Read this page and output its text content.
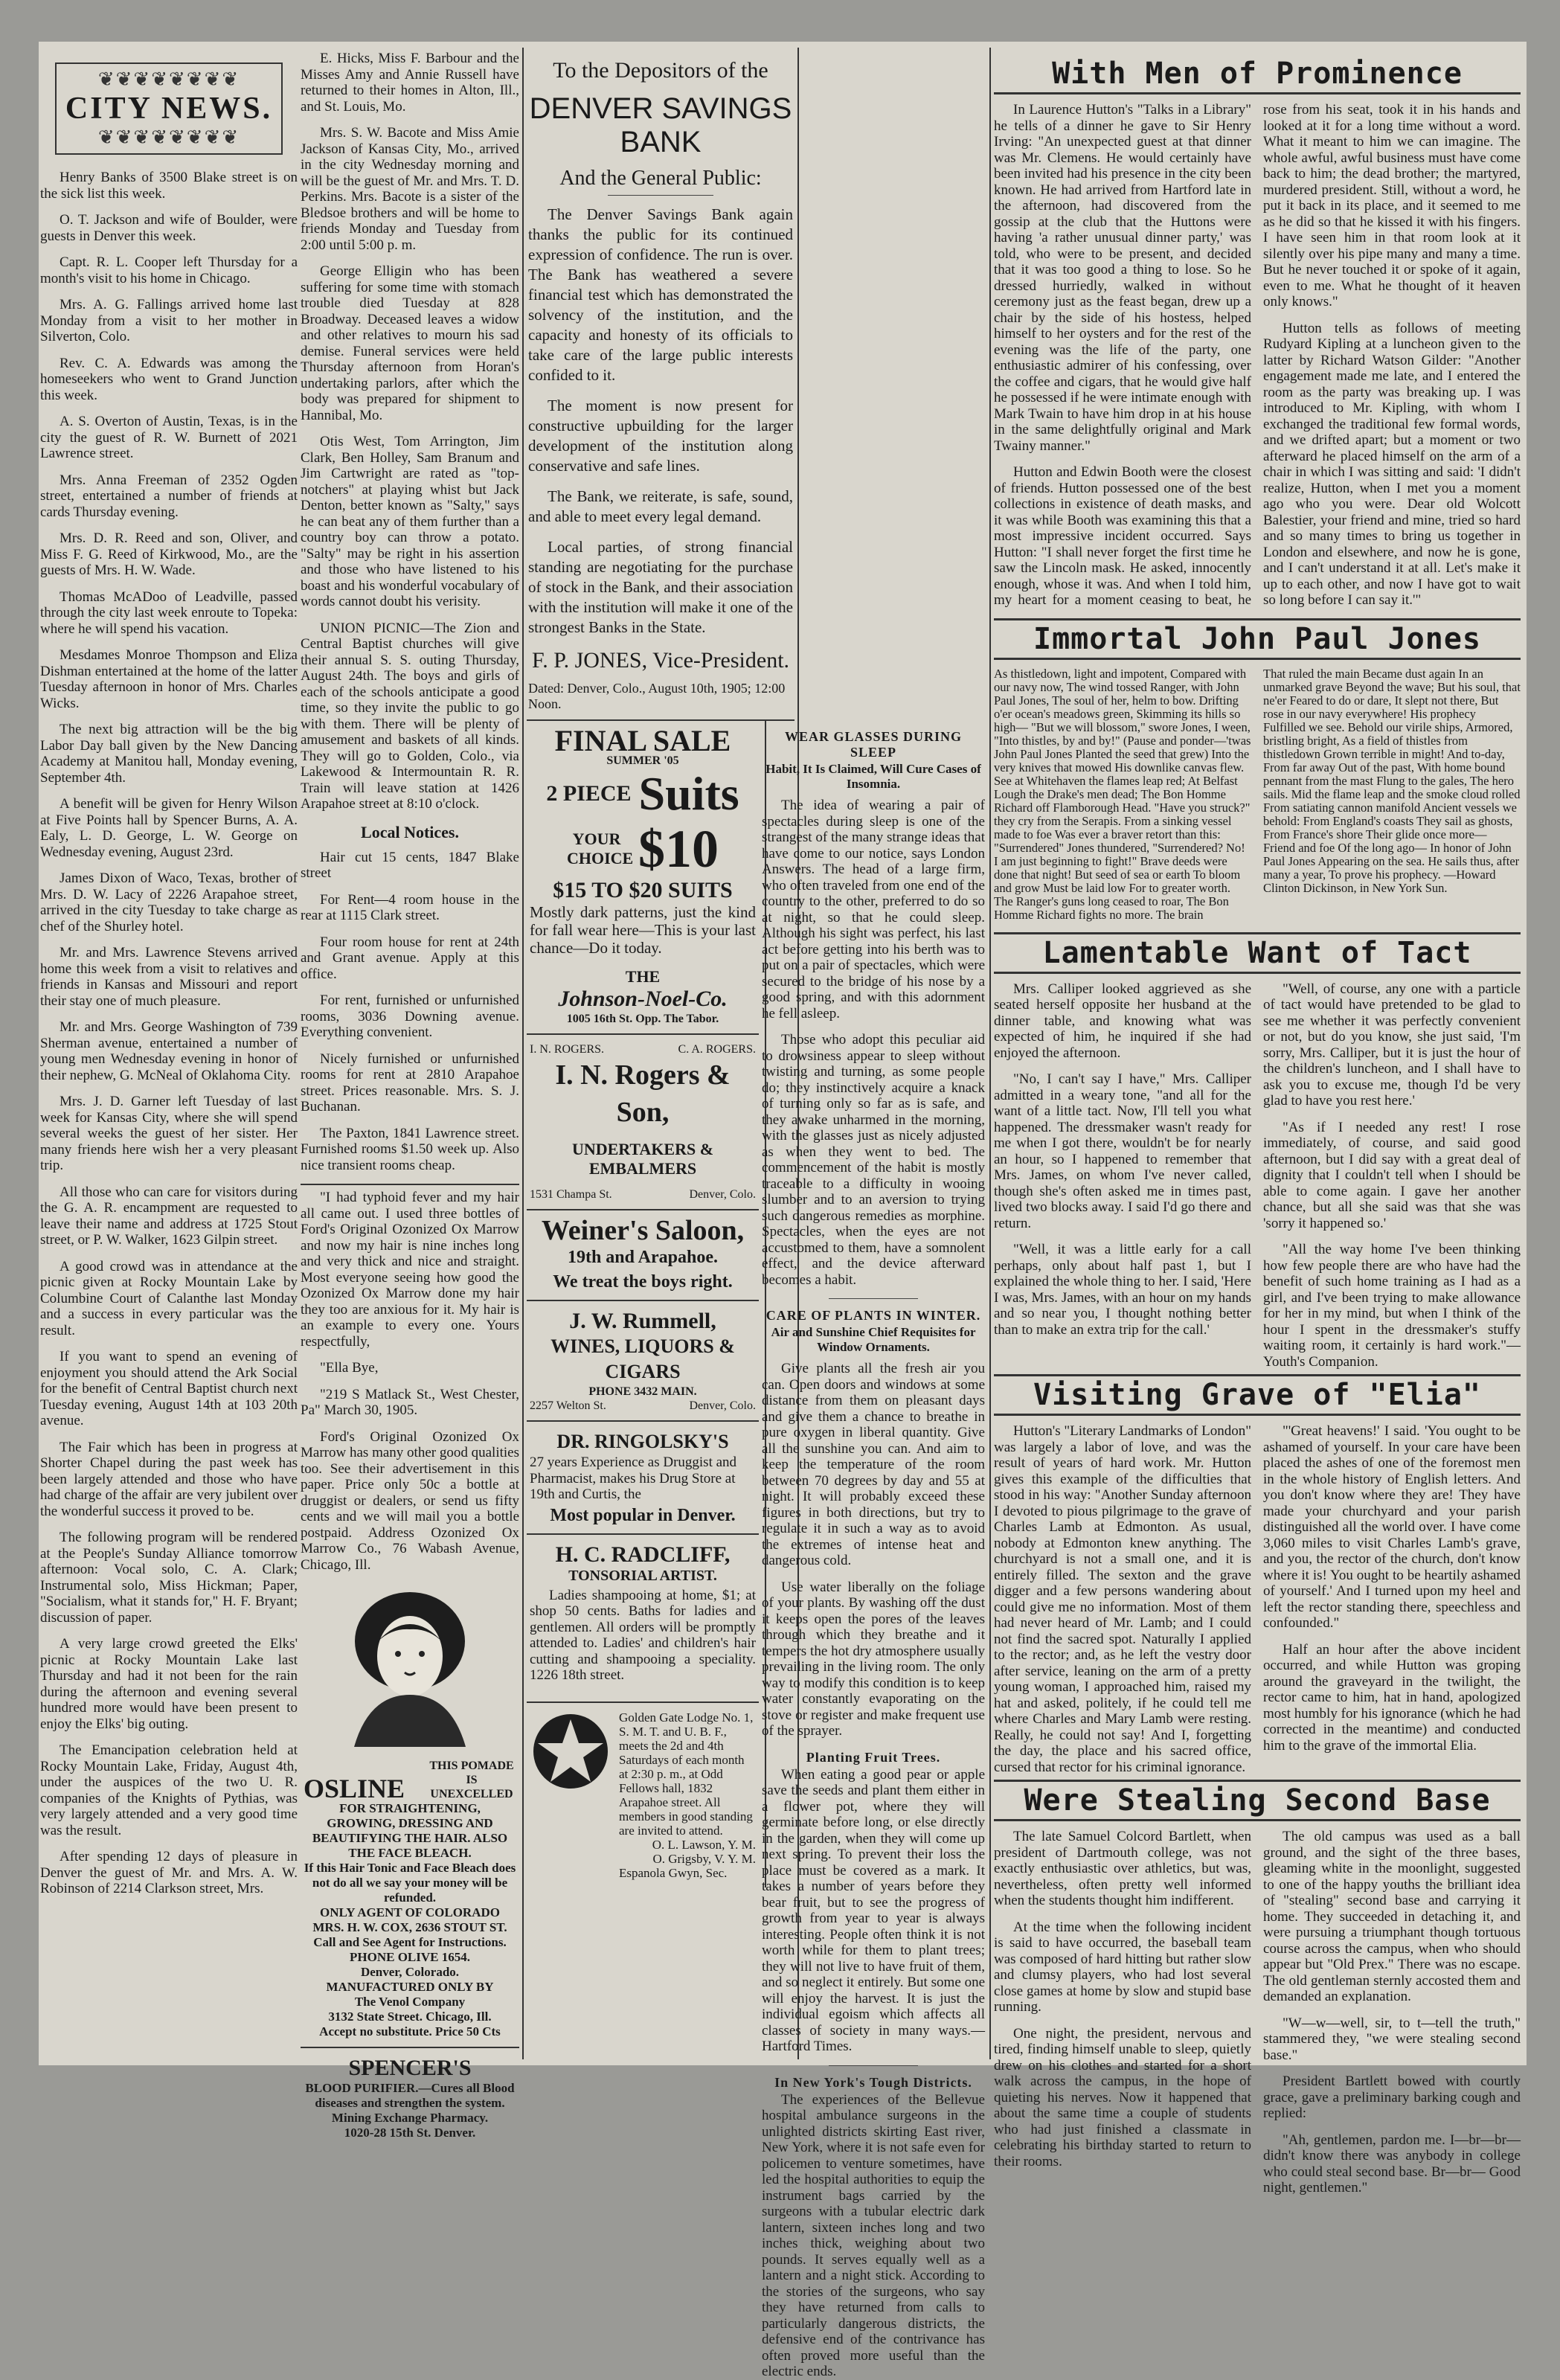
❦❦❦❦❦❦❦❦
CITY NEWS.
❦❦❦❦❦❦❦❦

Henry Banks of 3500 Blake street is on the sick list this week.

O. T. Jackson and wife of Boulder, were guests in Denver this week.

Capt. R. L. Cooper left Thursday for a month's visit to his home in Chicago.

Mrs. A. G. Fallings arrived home last Monday from a visit to her mother in Silverton, Colo.

Rev. C. A. Edwards was among the homeseekers who went to Grand Junction this week.

A. S. Overton of Austin, Texas, is in the city the guest of R. W. Burnett of 2021 Lawrence street.

Mrs. Anna Freeman of 2352 Ogden street, entertained a number of friends at cards Thursday evening.

Mrs. D. R. Reed and son, Oliver, and Miss F. G. Reed of Kirkwood, Mo., are the guests of Mrs. H. W. Wade.

Thomas McADoo of Leadville, passed through the city last week enroute to Topeka: where he will spend his vacation.

Mesdames Monroe Thompson and Eliza Dishman entertained at the home of the latter Tuesday afternoon in honor of Mrs. Charles Wicks.

The next big attraction will be the big Labor Day ball given by the New Dancing Academy at Manitou hall, Monday evening, September 4th.

A benefit will be given for Henry Wilson at Five Points hall by Spencer Burns, A. A. Ealy, L. D. George, L. W. George on Wednesday evening, August 23rd.

James Dixon of Waco, Texas, brother of Mrs. D. W. Lacy of 2226 Arapahoe street, arrived in the city Tuesday to take charge as chef of the Shurley hotel.

Mr. and Mrs. Lawrence Stevens arrived home this week from a visit to relatives and friends in Kansas and Missouri and report their stay one of much pleasure.

Mr. and Mrs. George Washington of 739 Sherman avenue, entertained a number of young men Wednesday evening in honor of their nephew, G. McNeal of Oklahoma City.

Mrs. J. D. Garner left Tuesday of last week for Kansas City, where she will spend several weeks the guest of her sister. Her many friends here wish her a very pleasant trip.

All those who can care for visitors during the G. A. R. encampment are requested to leave their name and address at 1725 Stout street, or P. W. Walker, 1623 Gilpin street.

A good crowd was in attendance at the picnic given at Rocky Mountain Lake by Columbine Court of Calanthe last Monday and a success in every particular was the result.

If you want to spend an evening of enjoyment you should attend the Ark Social for the benefit of Central Baptist church next Tuesday evening, August 14th at 103 20th avenue.

The Fair which has been in progress at Shorter Chapel during the past week has been largely attended and those who have had charge of the affair are very jubilent over the wonderful success it proved to be.

The following program will be rendered at the People's Sunday Alliance tomorrow afternoon: Vocal solo, C. A. Clark; Instrumental solo, Miss Hickman; Paper, "Socialism, what it stands for," H. F. Bryant; discussion of paper.

A very large crowd greeted the Elks' picnic at Rocky Mountain Lake last Thursday and had it not been for the rain during the afternoon and evening several hundred more would have been present to enjoy the Elks' big outing.

The Emancipation celebration held at Rocky Mountain Lake, Friday, August 4th, under the auspices of the two U. R. companies of the Knights of Pythias, was very largely attended and a very good time was the result.

After spending 12 days of pleasure in Denver the guest of Mr. and Mrs. A. W. Robinson of 2214 Clarkson street, Mrs.

E. Hicks, Miss F. Barbour and the Misses Amy and Annie Russell have returned to their homes in Alton, Ill., and St. Louis, Mo.

Mrs. S. W. Bacote and Miss Amie Jackson of Kansas City, Mo., arrived in the city Wednesday morning and will be the guest of Mr. and Mrs. T. D. Perkins. Mrs. Bacote is a sister of the Bledsoe brothers and will be home to friends Monday and Tuesday from 2:00 until 5:00 p. m.

George Elligin who has been suffering for some time with stomach trouble died Tuesday at 828 Broadway. Deceased leaves a widow and other relatives to mourn his sad demise. Funeral services were held Thursday afternoon from Horan's undertaking parlors, after which the body was prepared for shipment to Hannibal, Mo.

Otis West, Tom Arrington, Jim Clark, Ben Holley, Sam Branum and Jim Cartwright are rated as "top-notchers" at playing whist but Jack Denton, better known as "Salty," says he can beat any of them further than a country boy can throw a potato. "Salty" may be right in his assertion and those who have listened to his boast and his wonderful vocabulary of words cannot doubt his verisity.

UNION PICNIC—The Zion and Central Baptist churches will give their annual S. S. outing Thursday, August 24th. The boys and girls of each of the schools anticipate a good time, so they invite the public to go with them. There will be plenty of amusement and baskets of all kinds. They will go to Golden, Colo., via Lakewood & Intermountain R. R. Train will leave station at 1426 Arapahoe street at 8:10 o'clock.

Local Notices.

Hair cut 15 cents, 1847 Blake street

For Rent—4 room house in the rear at 1115 Clark street.

Four room house for rent at 24th and Grant avenue. Apply at this office.

For rent, furnished or unfurnished rooms, 3036 Downing avenue. Everything convenient.

Nicely furnished or unfurnished rooms for rent at 2810 Arapahoe street. Prices reasonable. Mrs. S. J. Buchanan.

The Paxton, 1841 Lawrence street. Furnished rooms $1.50 week up. Also nice transient rooms cheap.

"I had typhoid fever and my hair all came out. I used three bottles of Ford's Original Ozonized Ox Marrow and now my hair is nine inches long and very thick and nice and straight. Most everyone seeing how good the Ozonized Ox Marrow done my hair they too are anxious for it. My hair is an example to every one. Yours respectfully,

"Ella Bye,

"219 S Matlack St., West Chester, Pa" March 30, 1905.

Ford's Original Ozonized Ox Marrow has many other good qualities too. See their advertisement in this paper. Price only 50c a bottle at druggist or dealers, or send us fifty cents and we will mail you a bottle postpaid. Address Ozonized Ox Marrow Co., 76 Wabash Avenue, Chicago, Ill.

OSLINE
THIS POMADE IS UNEXCELLED
FOR STRAIGHTENING, GROWING, DRESSING AND BEAUTIFYING THE HAIR. ALSO THE FACE BLEACH.
If this Hair Tonic and Face Bleach does not do all we say your money will be refunded.
ONLY AGENT OF COLORADO
MRS. H. W. COX, 2636 STOUT ST.
Call and See Agent for Instructions.
PHONE OLIVE 1654.
Denver, Colorado.
MANUFACTURED ONLY BY
The Venol Company
3132 State Street. Chicago, Ill.
Accept no substitute. Price 50 Cts
SPENCER'S
BLOOD PURIFIER.—Cures all Blood diseases and strengthen the system.
Mining Exchange Pharmacy.
1020-28 15th St. Denver.
To the Depositors of the
DENVER SAVINGS BANK
And the General Public:

The Denver Savings Bank again thanks the public for its continued expression of confidence. The run is over. The Bank has weathered a severe financial test which has demonstrated the solvency of the institution, and the capacity and honesty of its officials to take care of the large public interests confided to it.

The moment is now present for constructive upbuilding for the larger development of the institution along conservative and safe lines.

The Bank, we reiterate, is safe, sound, and able to meet every legal demand.

Local parties, of strong financial standing are negotiating for the purchase of stock in the Bank, and their association with the institution will make it one of the strongest Banks in the State.

F. P. JONES, Vice-President.
Dated: Denver, Colo., August 10th, 1905; 12:00 Noon.
FINAL SALE
SUMMER '05
2 PIECE Suits
YOUR CHOICE $10
$15 TO $20 SUITS

Mostly dark patterns, just the kind for fall wear here—This is your last chance—Do it today.

THE
Johnson-Noel-Co.
1005 16th St. Opp. The Tabor.
I. N. ROGERS.	C. A. ROGERS.
I. N. Rogers & Son,
UNDERTAKERS & EMBALMERS
1531 Champa St.	Denver, Colo.
Weiner's Saloon,
19th and Arapahoe.
We treat the boys right.
J. W. Rummell,
WINES, LIQUORS & CIGARS
PHONE 3432 MAIN.
2257 Welton St.	Denver, Colo.
DR. RINGOLSKY'S

27 years Experience as Druggist and Pharmacist, makes his Drug Store at 19th and Curtis, the

Most popular in Denver.
H. C. RADCLIFF,
TONSORIAL ARTIST.

Ladies shampooing at home, $1; at shop 50 cents. Baths for ladies and gentlemen. All orders will be promptly attended to. Ladies' and children's hair cutting and shampooing a speciality. 1226 18th street.

Golden Gate Lodge No. 1, S. M. T. and U. B. F., meets the 2d and 4th Saturdays of each month at 2:30 p. m., at Odd Fellows hall, 1832 Arapahoe street. All members in good standing are invited to attend.
O. L. Lawson, Y. M.
O. Grigsby, V. Y. M.
Espanola Gwyn, Sec.
WEAR GLASSES DURING SLEEP
Habit, It Is Claimed, Will Cure Cases of Insomnia.

The idea of wearing a pair of spectacles during sleep is one of the strangest of the many strange ideas that have come to our notice, says London Answers. The head of a large firm, who often traveled from one end of the country to the other, preferred to do so at night, so that he could sleep. Although his sight was perfect, his last act before getting into his berth was to put on a pair of spectacles, which were secured to the bridge of his nose by a good spring, and with this adornment he fell asleep.

Those who adopt this peculiar aid to drowsiness appear to sleep without twisting and turning, as some people do; they instinctively acquire a knack of turning only so far as is safe, and they awake unharmed in the morning, with the glasses just as nicely adjusted as when they went to bed. The commencement of the habit is mostly traceable to a difficulty in wooing slumber and to an aversion to trying such dangerous remedies as morphine. Spectacles, when the eyes are not accustomed to them, have a somnolent effect, and the device afterward becomes a habit.

CARE OF PLANTS IN WINTER.
Air and Sunshine Chief Requisites for Window Ornaments.

Give plants all the fresh air you can. Open doors and windows at some distance from them on pleasant days and give them a chance to breathe in pure oxygen in liberal quantity. Give all the sunshine you can. And aim to keep the temperature of the room between 70 degrees by day and 55 at night. It will probably exceed these figures in both directions, but try to regulate it in such a way as to avoid the extremes of intense heat and dangerous cold.

Use water liberally on the foliage of your plants. By washing off the dust it keeps open the pores of the leaves through which they breathe and it tempers the hot dry atmosphere usually prevailing in the living room. The only way to modify this condition is to keep water constantly evaporating on the stove or register and make frequent use of the sprayer.

Planting Fruit Trees.

When eating a good pear or apple save the seeds and plant them either in a flower pot, where they will germinate before long, or else directly in the garden, when they will come up next spring. To prevent their loss the place must be covered as a mark. It takes a number of years before they bear fruit, but to see the progress of growth from year to year is always interesting. People often think it is not worth while for them to plant trees; they will not live to have fruit of them, and so neglect it entirely. But some one will enjoy the harvest. It is just the individual egoism which affects all classes of society in many ways.—Hartford Times.

In New York's Tough Districts.

The experiences of the Bellevue hospital ambulance surgeons in the unlighted districts skirting East river, New York, where it is not safe even for policemen to venture sometimes, have led the hospital authorities to equip the instrument bags carried by the surgeons with a tubular electric dark lantern, sixteen inches long and two inches thick, weighing about two pounds. It serves equally well as a lantern and a night stick. According to the stories of the surgeons, who say they have returned from calls to particularly dangerous districts, the defensive end of the contrivance has often proved more useful than the electric ends.

With Men of Prominence

In Laurence Hutton's "Talks in a Library" he tells of a dinner he gave to Sir Henry Irving: "An unexpected guest at that dinner was Mr. Clemens. He would certainly have been invited had his presence in the city been known. He had arrived from Hartford late in the afternoon, had discovered from the gossip at the club that the Huttons were having 'a rather unusual dinner party,' was told, who were to be present, and decided that it was too good a thing to lose. So he dressed hurriedly, walked in without ceremony just as the feast began, drew up a chair by the side of his hostess, helped himself to her oysters and for the rest of the evening was the life of the party, one enthusiastic admirer of his confessing, over the coffee and cigars, that he would give half he possessed if he were intimate enough with Mark Twain to have him drop in at his house in the same delightfully original and Mark Twainy manner."

Hutton and Edwin Booth were the closest of friends. Hutton possessed one of the best collections in existence of death masks, and it was while Booth was examining this that a most impressive incident occurred. Says Hutton: "I shall never forget the first time he saw the Lincoln mask. He asked, innocently enough, whose it was. And when I told him, my heart for a moment ceasing to beat, he rose from his seat, took it in his hands and looked at it for a long time without a word. What it meant to him we can imagine. The whole awful, awful business must have come back to him; the dead brother; the martyred, murdered president. Still, without a word, he put it back in its place, and it seemed to me as he did so that he kissed it with his fingers. I have seen him in that room look at it silently over his pipe many and many a time. But he never touched it or spoke of it again, even to me. What he thought of it heaven only knows."

Hutton tells as follows of meeting Rudyard Kipling at a luncheon given to the latter by Richard Watson Gilder: "Another engagement made me late, and I entered the room as the party was breaking up. I was introduced to Mr. Kipling, with whom I exchanged the traditional few formal words, and we drifted apart; but a moment or two afterward he placed himself on the arm of a chair in which I was sitting and said: 'I didn't realize, Hutton, when I met you a moment ago who you were. Dear old Wolcott Balestier, your friend and mine, tried so hard and so many times to bring us together in London and elsewhere, and now he is gone, and I can't understand it at all. Let's make it up to each other, and now I have got to wait so long before I can say it.'"

Immortal John Paul Jones

As thistledown, light and impotent, Compared with our navy now, The wind tossed Ranger, with John Paul Jones, The soul of her, helm to bow. Drifting o'er ocean's meadows green, Skimming its hills so high— "But we will blossom," swore Jones, I ween, "Into thistles, by and by!" (Pause and ponder—'twas John Paul Jones Planted the seed that grew) Into the very knives that mowed His downlike canvas flew. See at Whitehaven the flames leap red; At Belfast Lough the Drake's men dead; The Bon Homme Richard off Flamborough Head. "Have you struck?" they cry from the Serapis. From a sinking vessel made to foe Was ever a braver retort than this: "Surrendered" Jones thundered, "Surrendered? No! I am just beginning to fight!" Brave deeds were done that night! But seed of sea or earth To bloom and grow Must be laid low For to greater worth. The Ranger's guns long ceased to roar, The Bon Homme Richard fights no more. The brain

That ruled the main Became dust again In an unmarked grave Beyond the wave; But his soul, that ne'er Feared to do or dare, It slept not there, But rose in our navy everywhere! His prophecy Fulfilled we see. Behold our virile ships, Armored, bristling bright, As a field of thistles from thistledown Grown terrible in might! And to-day, From far away Out of the past, With home bound pennant from the mast Flung to the gales, The hero sails. Mid the flame leap and the smoke cloud rolled From satiating cannon manifold Ancient vessels we behold: From England's coasts They sail as ghosts, From France's shore Their glide once more— Friend and foe Of the long ago— In honor of John Paul Jones Appearing on the sea. He sails thus, after many a year, To prove his prophecy. —Howard Clinton Dickinson, in New York Sun.

Lamentable Want of Tact

Mrs. Calliper looked aggrieved as she seated herself opposite her husband at the dinner table, and knowing what was expected of him, he inquired if she had enjoyed the afternoon.

"No, I can't say I have," Mrs. Calliper admitted in a weary tone, "and all for the want of a little tact. Now, I'll tell you what happened. The dressmaker wasn't ready for me when I got there, wouldn't be for nearly an hour, so I happened to remember that Mrs. James, on whom I've never called, though she's often asked me in times past, lived two blocks away. I said I'd go there and return.

"Well, it was a little early for a call perhaps, only about half past 1, but I explained the whole thing to her. I said, 'Here I was, Mrs. James, with an hour on my hands and so near you, I thought nothing better than to make an extra trip for the call.'

"Well, of course, any one with a particle of tact would have pretended to be glad to see me whether it was perfectly convenient or not, but do you know, she just said, 'I'm sorry, Mrs. Calliper, but it is just the hour of the children's luncheon, and I shall have to ask you to excuse me, though I'd be very glad to have you rest here.'

"As if I needed any rest! I rose immediately, of course, and said good afternoon, but I did say with a great deal of dignity that I couldn't tell when I should be able to come again. I gave her another chance, but all she said was that she was 'sorry it happened so.'

"All the way home I've been thinking how few people there are who have had the benefit of such home training as I had as a girl, and I've been trying to make allowance for her in my mind, but when I think of the hour I spent in the dressmaker's stuffy waiting room, it certainly is hard work."—Youth's Companion.

Visiting Grave of "Elia"

Hutton's "Literary Landmarks of London" was largely a labor of love, and was the result of years of hard work. Mr. Hutton gives this example of the difficulties that stood in his way: "Another Sunday afternoon I devoted to pious pilgrimage to the grave of Charles Lamb at Edmonton. As usual, nobody at Edmonton knew anything. The churchyard is not a small one, and it is entirely filled. The sexton and the grave digger and a few persons wandering about could give me no information. Most of them had never heard of Mr. Lamb; and I could not find the sacred spot. Naturally I applied to the rector; and, as he left the vestry door after service, leaning on the arm of a pretty young woman, I approached him, raised my hat and asked, politely, if he could tell me where Charles and Mary Lamb were resting. Really, he could not say! And I, forgetting the day, the place and his sacred office, cursed that rector for his criminal ignorance.

"'Great heavens!' I said. 'You ought to be ashamed of yourself. In your care have been placed the ashes of one of the foremost men in the whole history of English letters. And you don't know where they are! They have made your churchyard and your parish distinguished all the world over. I have come 3,060 miles to visit Charles Lamb's grave, and you, the rector of the church, don't know where it is! You ought to be heartily ashamed of yourself.' And I turned upon my heel and left the rector standing there, speechless and confounded."

Half an hour after the above incident occurred, and while Hutton was groping around the graveyard in the twilight, the rector came to him, hat in hand, apologized most humbly for his ignorance (which he had corrected in the meantime) and conducted him to the grave of the immortal Elia.

Were Stealing Second Base

The late Samuel Colcord Bartlett, when president of Dartmouth college, was not exactly enthusiastic over athletics, but was, nevertheless, often pretty well informed when the students thought him indifferent.

At the time when the following incident is said to have occurred, the baseball team was composed of hard hitting but rather slow and clumsy players, who had lost several close games at home by slow and stupid base running.

One night, the president, nervous and tired, finding himself unable to sleep, quietly drew on his clothes and started for a short walk across the campus, in the hope of quieting his nerves. Now it happened that about the same time a couple of students who had just finished a classmate in celebrating his birthday started to return to their rooms.

The old campus was used as a ball ground, and the sight of the three bases, gleaming white in the moonlight, suggested to one of the happy youths the brilliant idea of "stealing" second base and carrying it home. They succeeded in detaching it, and were pursuing a triumphant though tortuous course across the campus, when who should appear but "Old Prex." There was no escape. The old gentleman sternly accosted them and demanded an explanation.

"W—w—well, sir, to t—tell the truth," stammered they, "we were stealing second base."

President Bartlett bowed with courtly grace, gave a preliminary barking cough and replied:

"Ah, gentlemen, pardon me. I—br—br— didn't know there was anybody in college who could steal second base. Br—br— Good night, gentlemen."
